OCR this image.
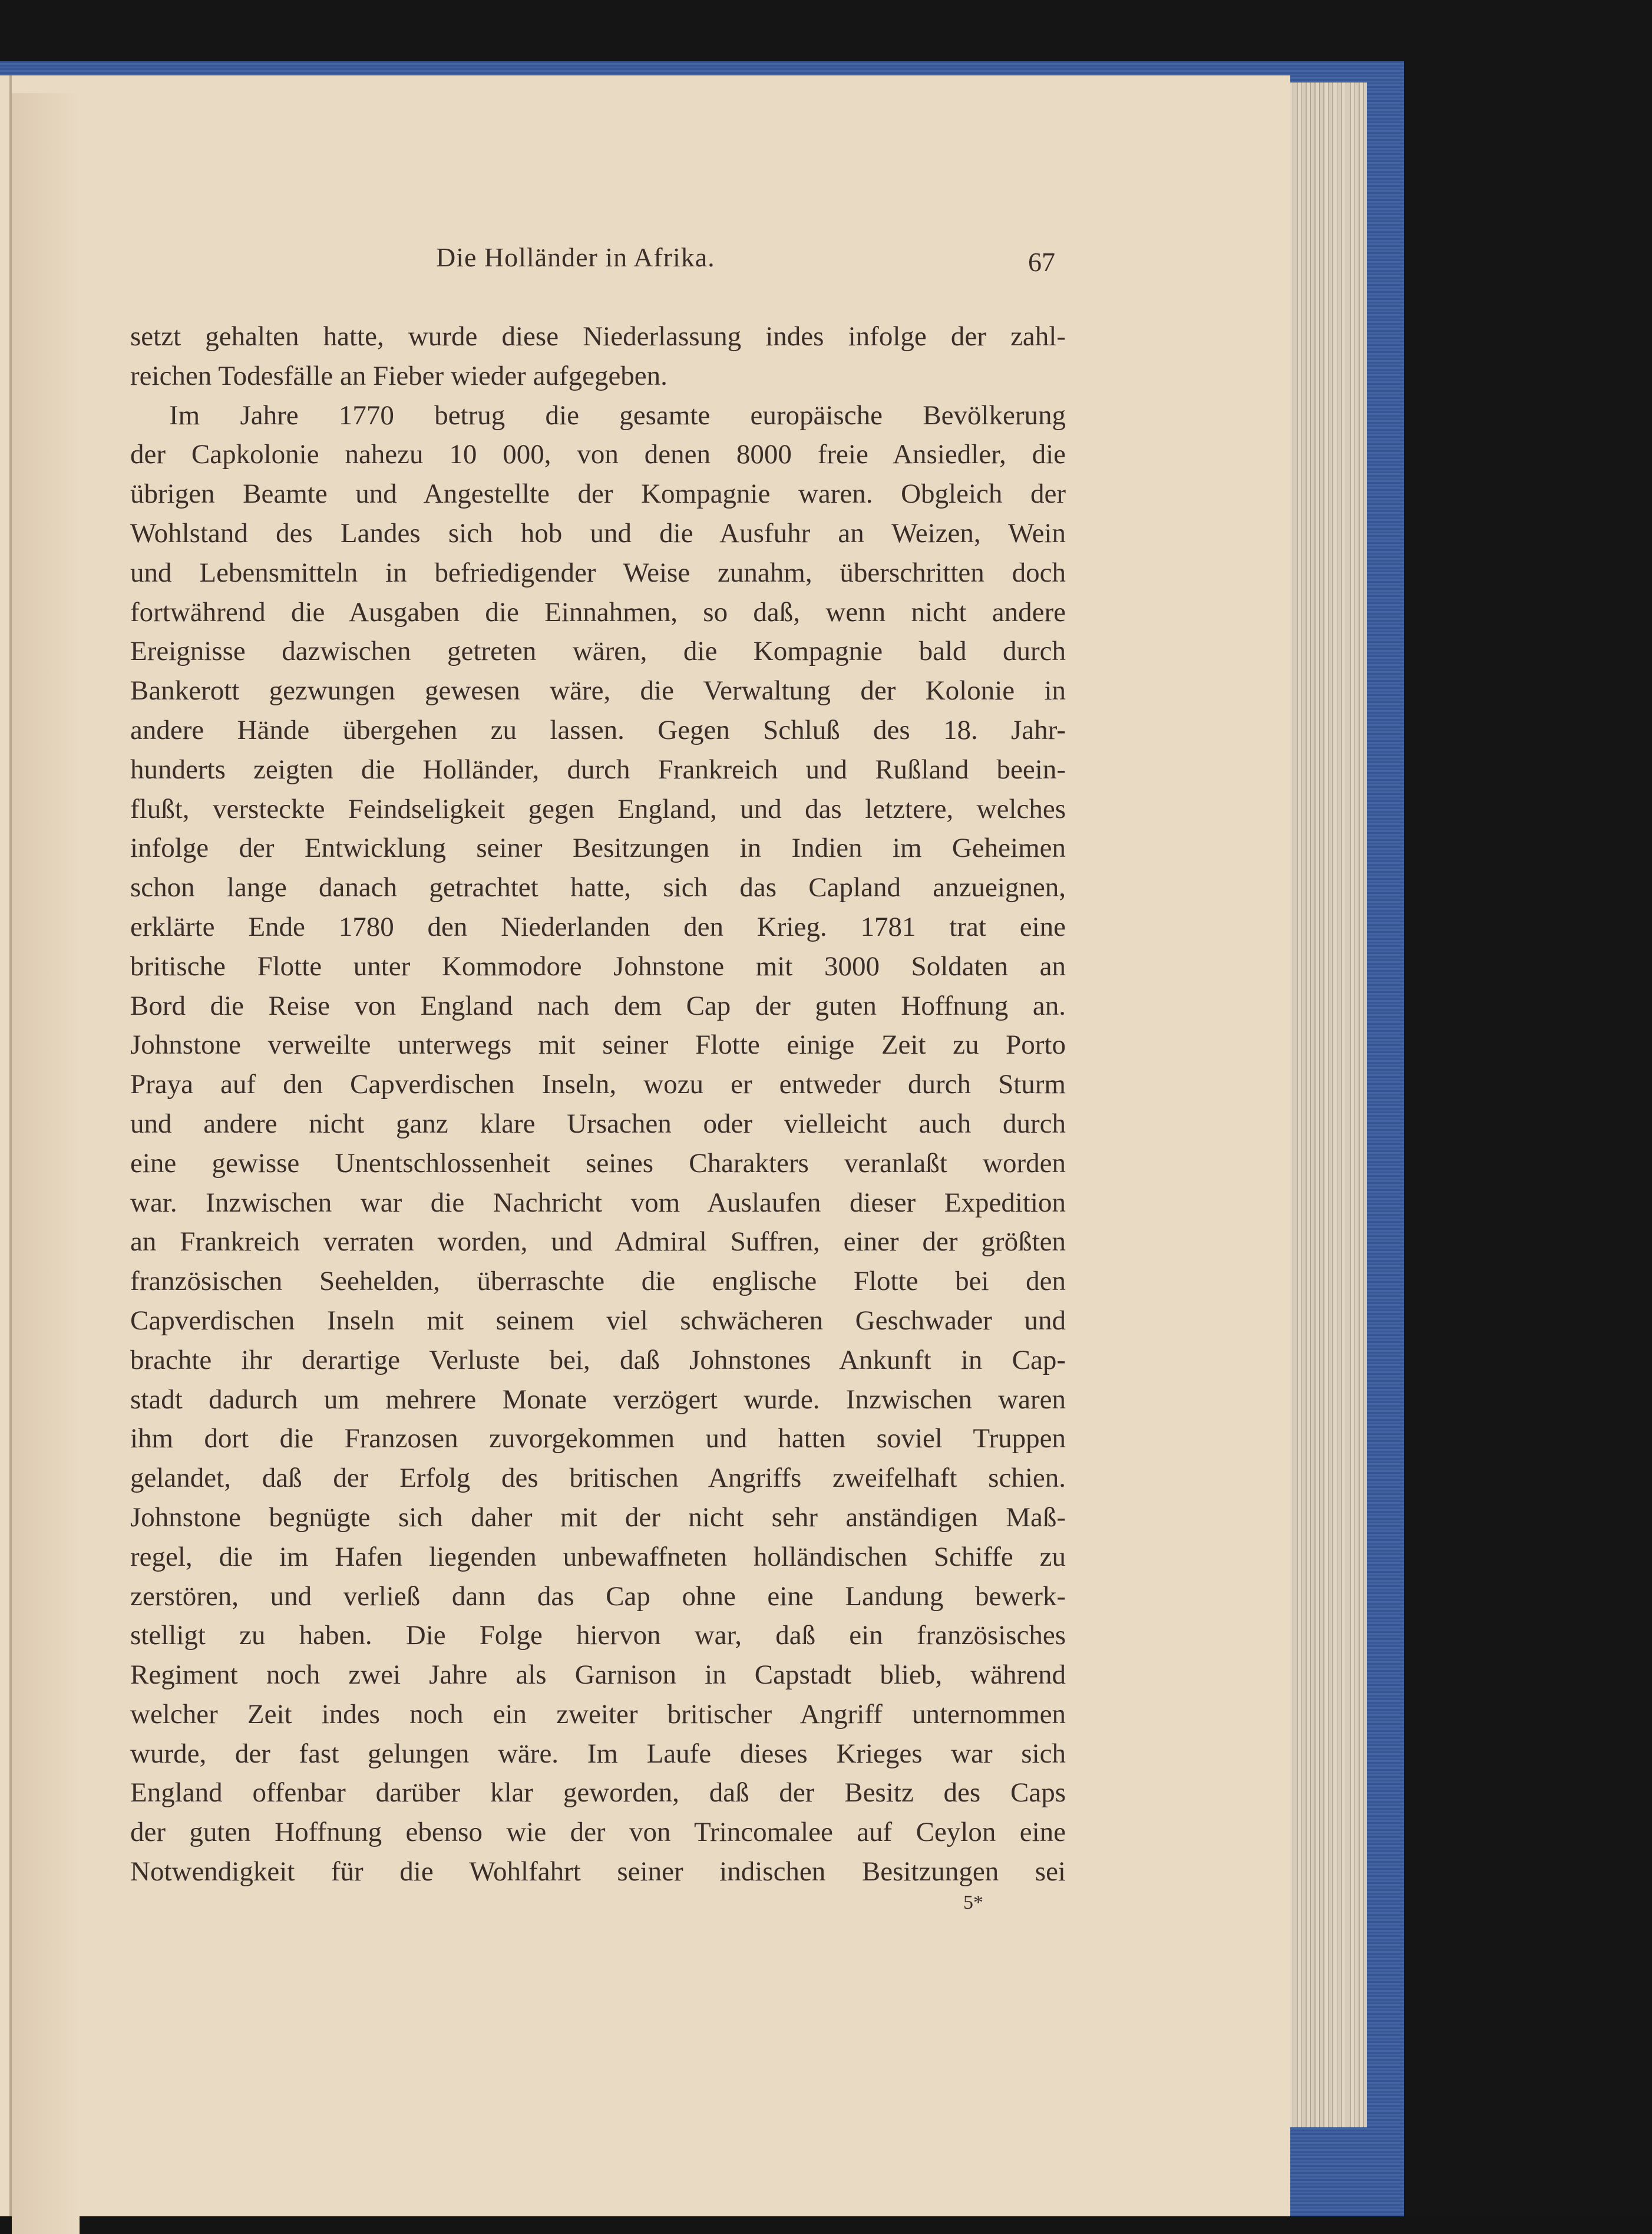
Die Holländer in Afrika.	67
setzt gehalten hatte, wurde diese Niederlassung indes infolge der zahl-
reichen Todesfälle an Fieber wieder aufgegeben.
Im Jahre 1770 betrug die gesamte europäische Bevölkerung
der Capkolonie nahezu 10 000, von denen 8000 freie Ansiedler, die
übrigen Beamte und Angestellte der Kompagnie waren. Obgleich der
Wohlstand des Landes sich hob und die Ausfuhr an Weizen, Wein
und Lebensmitteln in befriedigender Weise zunahm, überschritten doch
fortwährend die Ausgaben die Einnahmen, so daß, wenn nicht andere
Ereignisse dazwischen getreten wären, die Kompagnie bald durch
Bankerott gezwungen gewesen wäre, die Verwaltung der Kolonie in
andere Hände übergehen zu lassen. Gegen Schluß des 18. Jahr-
hunderts zeigten die Holländer, durch Frankreich und Rußland beein-
flußt, versteckte Feindseligkeit gegen England, und das letztere, welches
infolge der Entwicklung seiner Besitzungen in Indien im Geheimen
schon lange danach getrachtet hatte, sich das Capland anzueignen,
erklärte Ende 1780 den Niederlanden den Krieg. 1781 trat eine
britische Flotte unter Kommodore Johnstone mit 3000 Soldaten an
Bord die Reise von England nach dem Cap der guten Hoffnung an.
Johnstone verweilte unterwegs mit seiner Flotte einige Zeit zu Porto
Praya auf den Capverdischen Inseln, wozu er entweder durch Sturm
und andere nicht ganz klare Ursachen oder vielleicht auch durch
eine gewisse Unentschlossenheit seines Charakters veranlaßt worden
war. Inzwischen war die Nachricht vom Auslaufen dieser Expedition
an Frankreich verraten worden, und Admiral Suffren, einer der größten
französischen Seehelden, überraschte die englische Flotte bei den
Capverdischen Inseln mit seinem viel schwächeren Geschwader und
brachte ihr derartige Verluste bei, daß Johnstones Ankunft in Cap-
stadt dadurch um mehrere Monate verzögert wurde. Inzwischen waren
ihm dort die Franzosen zuvorgekommen und hatten soviel Truppen
gelandet, daß der Erfolg des britischen Angriffs zweifelhaft schien.
Johnstone begnügte sich daher mit der nicht sehr anständigen Maß-
regel, die im Hafen liegenden unbewaffneten holländischen Schiffe zu
zerstören, und verließ dann das Cap ohne eine Landung bewerk-
stelligt zu haben. Die Folge hiervon war, daß ein französisches
Regiment noch zwei Jahre als Garnison in Capstadt blieb, während
welcher Zeit indes noch ein zweiter britischer Angriff unternommen
wurde, der fast gelungen wäre. Im Laufe dieses Krieges war sich
England offenbar darüber klar geworden, daß der Besitz des Caps
der guten Hoffnung ebenso wie der von Trincomalee auf Ceylon eine
Notwendigkeit für die Wohlfahrt seiner indischen Besitzungen sei
5*
